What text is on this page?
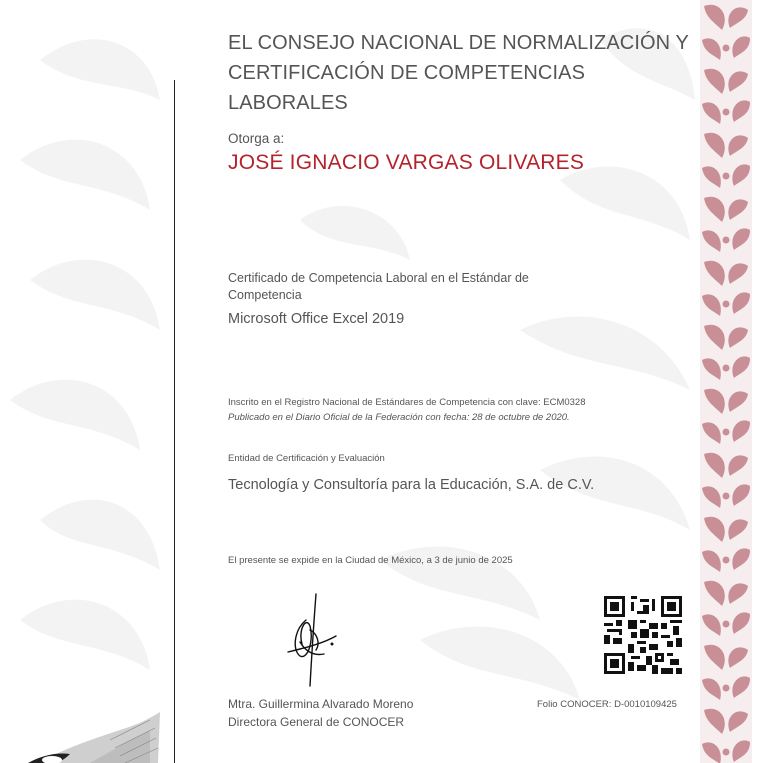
EL CONSEJO NACIONAL DE NORMALIZACIÓN Y
CERTIFICACIÓN DE COMPETENCIAS LABORALES
Otorga a:
JOSÉ IGNACIO VARGAS OLIVARES
Certificado de Competencia Laboral en el Estándar de Competencia
Microsoft Office Excel 2019
Inscrito en el Registro Nacional de Estándares de Competencia con clave: ECM0328
Publicado en el Diario Oficial de la Federación con fecha: 28 de octubre de 2020.
Entidad de Certificación y Evaluación
Tecnología y Consultoría para la Educación, S.A. de C.V.
El presente se expide en la Ciudad de México, a 3 de junio de 2025
Mtra. Guillermina Alvarado Moreno
Directora General de CONOCER
Folio CONOCER: D-0010109425
